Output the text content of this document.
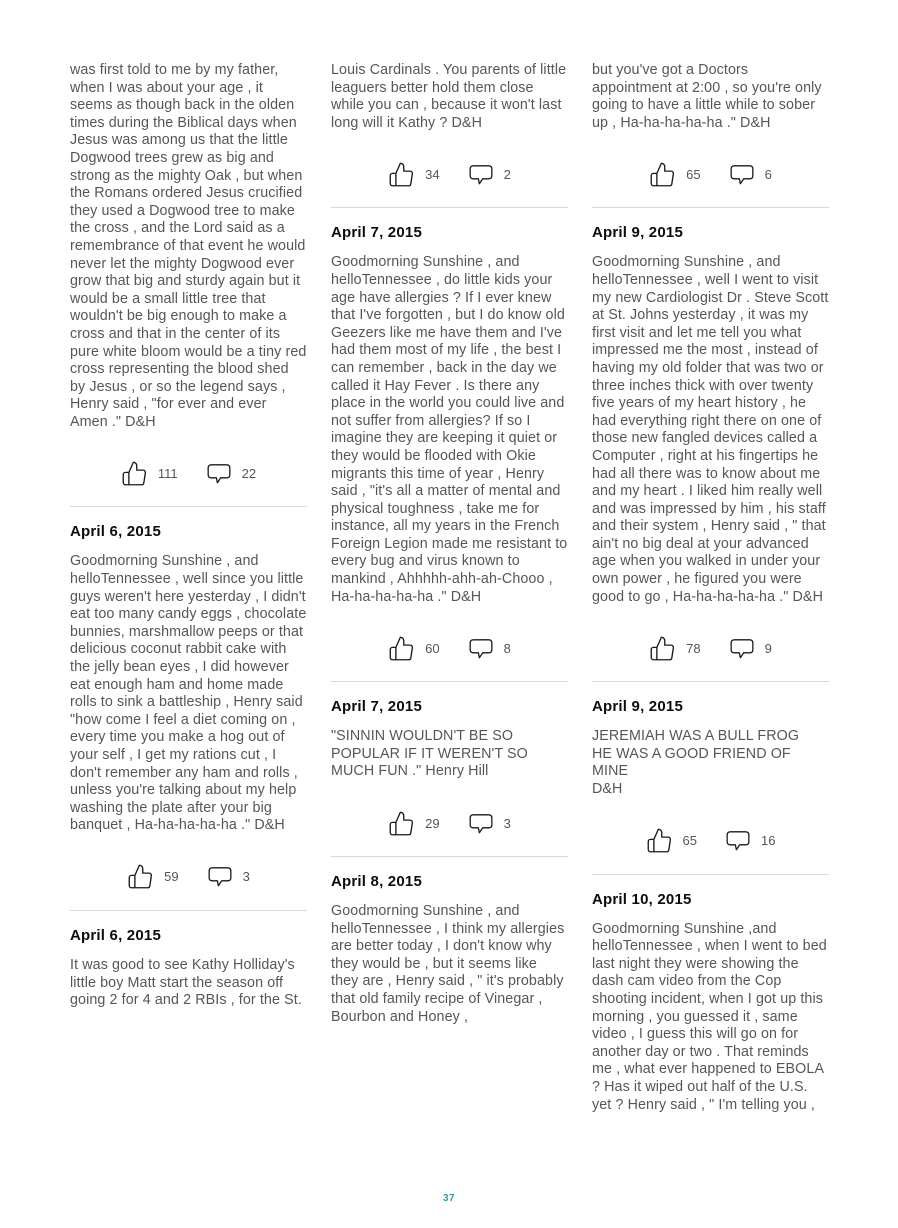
was first told to me by my father, when I was about your age , it seems as though back in the olden times during the Biblical days when Jesus was among us that the little Dogwood trees grew as big and strong as the mighty Oak , but when the Romans ordered Jesus crucified they used a Dogwood tree to make the cross , and the Lord said as a remembrance of that event he would never let the mighty Dogwood ever grow that big and sturdy again but it would be a small little tree that wouldn't be big enough to make a cross and that in the center of its pure white bloom would be a tiny red cross representing the blood shed by Jesus , or so the legend says , Henry said , "for ever and ever Amen ." D&H

111	22
April 6, 2015

Goodmorning Sunshine , and helloTennessee , well since you little guys weren't here yesterday , I didn't eat too many candy eggs , chocolate bunnies, marshmallow peeps or that delicious coconut rabbit cake with the jelly bean eyes , I did however eat enough ham and home made rolls to sink a battleship , Henry said "how come I feel a diet coming on , every time you make a hog out of your self , I get my rations cut , I don't remember any ham and rolls , unless you're talking about my help washing the plate after your big banquet , Ha-ha-ha-ha-ha ." D&H

59	3
April 6, 2015

It was good to see Kathy Holliday's little boy Matt start the season off going 2 for 4 and 2 RBIs , for the St.

Louis Cardinals . You parents of little leaguers better hold them close while you can , because it won't last long will it Kathy ? D&H

34	2
April 7, 2015

Goodmorning Sunshine , and helloTennessee , do little kids your age have allergies ? If I ever knew that I've forgotten , but I do know old Geezers like me have them and I've had them most of my life , the best I can remember , back in the day we called it Hay Fever . Is there any place in the world you could live and not suffer from allergies? If so I imagine they are keeping it quiet or they would be flooded with Okie migrants this time of year , Henry said , "it's all a matter of mental and physical toughness , take me for instance, all my years in the French Foreign Legion made me resistant to every bug and virus known to mankind , Ahhhhh-ahh-ah-Chooo , Ha-ha-ha-ha-ha ." D&H

60	8
April 7, 2015

"SINNIN WOULDN'T BE SO POPULAR IF IT WEREN'T SO MUCH FUN ." Henry Hill

29	3
April 8, 2015

Goodmorning Sunshine , and helloTennessee , I think my allergies are better today , I don't know why they would be , but it seems like they are , Henry said , " it's probably that old family recipe of Vinegar , Bourbon and Honey ,

but you've got a Doctors appointment at 2:00 , so you're only going to have a little while to sober up , Ha-ha-ha-ha-ha ." D&H

65	6
April 9, 2015

Goodmorning Sunshine , and helloTennessee , well I went to visit my new Cardiologist Dr . Steve Scott at St. Johns yesterday , it was my first visit and let me tell you what impressed me the most , instead of having my old folder that was two or three inches thick with over twenty five years of my heart history , he had everything right there on one of those new fangled devices called a Computer , right at his fingertips he had all there was to know about me and my heart . I liked him really well and was impressed by him , his staff and their system , Henry said , " that ain't no big deal at your advanced age when you walked in under your own power , he figured you were good to go , Ha-ha-ha-ha-ha ." D&H

78	9
April 9, 2015

JEREMIAH WAS A BULL FROG
HE WAS A GOOD FRIEND OF MINE
D&H

65	16
April 10, 2015

Goodmorning Sunshine ,and helloTennessee , when I went to bed last night they were showing the dash cam video from the Cop shooting incident, when I got up this morning , you guessed it , same video , I guess this will go on for another day or two . That reminds me , what ever happened to EBOLA ? Has it wiped out half of the U.S. yet ? Henry said , " I'm telling you ,

37
